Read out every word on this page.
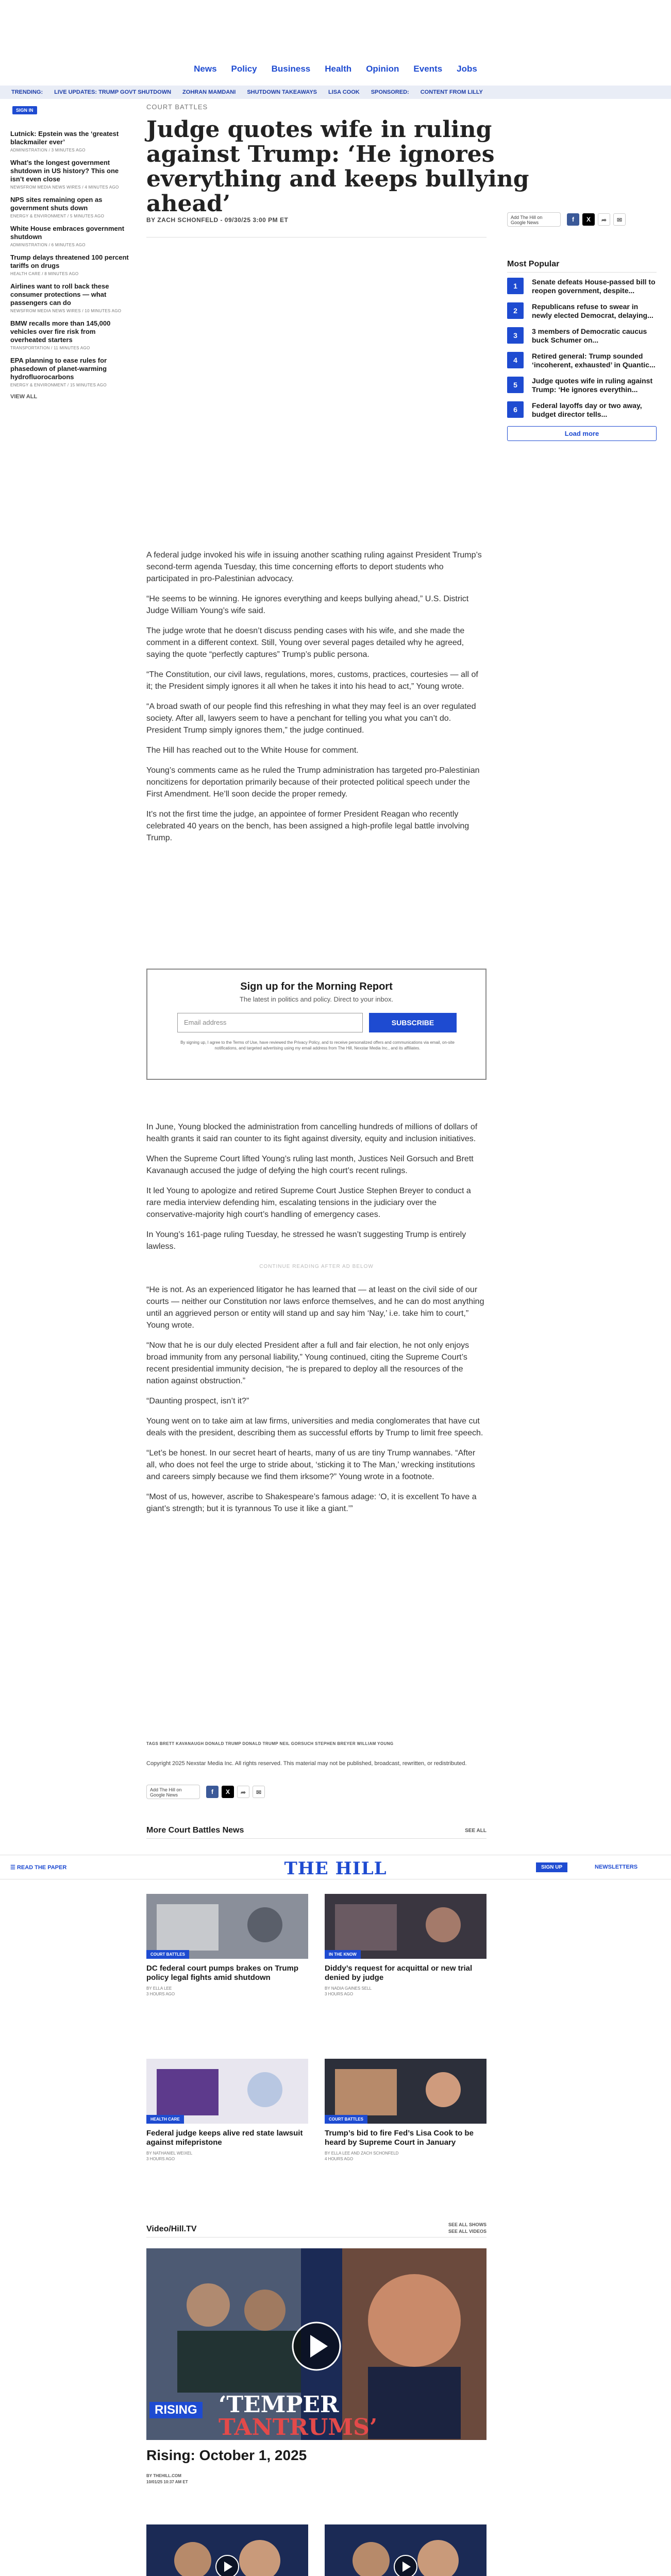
News Policy Business Health Opinion Events Jobs
TRENDING: LIVE UPDATES: TRUMP GOVT SHUTDOWN ZOHRAN MAMDANI SHUTDOWN TAKEAWAYS LISA COOK SPONSORED: CONTENT FROM LILLY
SIGN IN
Lutnick: Epstein was the ‘greatest blackmailer ever’
ADMINISTRATION / 3 MINUTES AGO
What’s the longest government shutdown in US history? This one isn’t even close
NEWSFROM MEDIA NEWS WIRES / 4 MINUTES AGO
NPS sites remaining open as government shuts down
ENERGY & ENVIRONMENT / 5 MINUTES AGO
White House embraces government shutdown
ADMINISTRATION / 6 MINUTES AGO
Trump delays threatened 100 percent tariffs on drugs
HEALTH CARE / 8 MINUTES AGO
Airlines want to roll back these consumer protections — what passengers can do
NEWSFROM MEDIA NEWS WIRES / 10 MINUTES AGO
BMW recalls more than 145,000 vehicles over fire risk from overheated starters
TRANSPORTATION / 11 MINUTES AGO
EPA planning to ease rules for phasedown of planet-warming hydrofluorocarbons
ENERGY & ENVIRONMENT / 15 MINUTES AGO
VIEW ALL
COURT BATTLES
Judge quotes wife in ruling against Trump: ‘He ignores everything and keeps bullying ahead’
BY ZACH SCHONFELD - 09/30/25 3:00 PM ET	Add The Hill on Google News	f	X	➦	✉
Most Popular
1	Senate defeats House-passed bill to reopen government, despite...
2	Republicans refuse to swear in newly elected Democrat, delaying...
3	3 members of Democratic caucus buck Schumer on...
4	Retired general: Trump sounded ‘incoherent, exhausted’ in Quantic...
5	Judge quotes wife in ruling against Trump: ‘He ignores everythin...
6	Federal layoffs day or two away, budget director tells...
Load more

A federal judge invoked his wife in issuing another scathing ruling against President Trump’s second-term agenda Tuesday, this time concerning efforts to deport students who participated in pro-Palestinian advocacy.

“He seems to be winning. He ignores everything and keeps bullying ahead,” U.S. District Judge William Young’s wife said.

The judge wrote that he doesn’t discuss pending cases with his wife, and she made the comment in a different context. Still, Young over several pages detailed why he agreed, saying the quote “perfectly captures” Trump’s public persona.

“The Constitution, our civil laws, regulations, mores, customs, practices, courtesies — all of it; the President simply ignores it all when he takes it into his head to act,” Young wrote.

“A broad swath of our people find this refreshing in what they may feel is an over regulated society. After all, lawyers seem to have a penchant for telling you what you can’t do. President Trump simply ignores them,” the judge continued.

The Hill has reached out to the White House for comment.

Young’s comments came as he ruled the Trump administration has targeted pro-Palestinian noncitizens for deportation primarily because of their protected political speech under the First Amendment. He’ll soon decide the proper remedy.

It’s not the first time the judge, an appointee of former President Reagan who recently celebrated 40 years on the bench, has been assigned a high-profile legal battle involving Trump.

Sign up for the Morning Report
The latest in politics and policy. Direct to your inbox.
Email address	SUBSCRIBE
By signing up, I agree to the Terms of Use, have reviewed the Privacy Policy, and to receive personalized offers and communications via email, on-site notifications, and targeted advertising using my email address from The Hill, Nexstar Media Inc., and its affiliates.

In June, Young blocked the administration from cancelling hundreds of millions of dollars of health grants it said ran counter to its fight against diversity, equity and inclusion initiatives.

When the Supreme Court lifted Young’s ruling last month, Justices Neil Gorsuch and Brett Kavanaugh accused the judge of defying the high court’s recent rulings.

It led Young to apologize and retired Supreme Court Justice Stephen Breyer to conduct a rare media interview defending him, escalating tensions in the judiciary over the conservative-majority high court’s handling of emergency cases.

In Young’s 161-page ruling Tuesday, he stressed he wasn’t suggesting Trump is entirely lawless.

CONTINUE READING AFTER AD BELOW

“He is not. As an experienced litigator he has learned that — at least on the civil side of our courts — neither our Constitution nor laws enforce themselves, and he can do most anything until an aggrieved person or entity will stand up and say him ‘Nay,’ i.e. take him to court,” Young wrote.

“Now that he is our duly elected President after a full and fair election, he not only enjoys broad immunity from any personal liability,” Young continued, citing the Supreme Court’s recent presidential immunity decision, “he is prepared to deploy all the resources of the nation against obstruction.”

“Daunting prospect, isn’t it?”

Young went on to take aim at law firms, universities and media conglomerates that have cut deals with the president, describing them as successful efforts by Trump to limit free speech.

“Let’s be honest. In our secret heart of hearts, many of us are tiny Trump wannabes. “After all, who does not feel the urge to stride about, ‘sticking it to The Man,’ wrecking institutions and careers simply because we find them irksome?” Young wrote in a footnote.

“Most of us, however, ascribe to Shakespeare’s famous adage: ‘O, it is excellent To have a giant’s strength; but it is tyrannous To use it like a giant.’”

TAGS BRETT KAVANAUGH DONALD TRUMP DONALD TRUMP NEIL GORSUCH STEPHEN BREYER WILLIAM YOUNG
Copyright 2025 Nexstar Media Inc. All rights reserved. This material may not be published, broadcast, rewritten, or redistributed.
Add The Hill on Google News	f	X	➦	✉
More Court Battles News	SEE ALL
☰ READ THE PAPER	THE HILL	SIGN UP	NEWSLETTERS
COURT BATTLES
DC federal court pumps brakes on Trump policy legal fights amid shutdown
BY ELLA LEE
3 HOURS AGO
IN THE KNOW
Diddy’s request for acquittal or new trial denied by judge
BY NADIA GAINES SELL
3 HOURS AGO
HEALTH CARE
Federal judge keeps alive red state lawsuit against mifepristone
BY NATHANIEL WEIXEL
3 HOURS AGO
COURT BATTLES
Trump’s bid to fire Fed’s Lisa Cook to be heard by Supreme Court in January
BY ELLA LEE AND ZACH SCHONFELD
4 HOURS AGO
Video/Hill.TV	SEE ALL SHOWS
SEE ALL VIDEOS
RISING ‘TEMPER
TANTRUMS’
Rising: October 1, 2025
BY THEHILL.COM
10/01/25 10:37 AM ET
